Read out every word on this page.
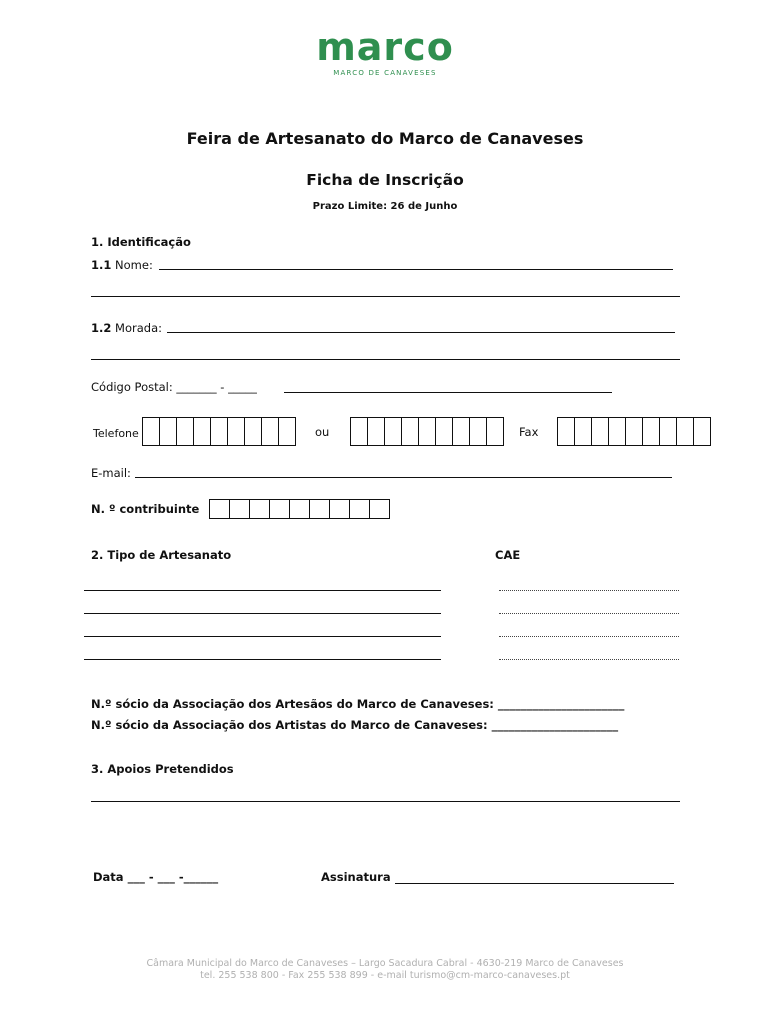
marco
MARCO DE CANAVESES
Feira de Artesanato do Marco de Canaveses
Ficha de Inscrição
Prazo Limite: 26 de Junho
1. Identificação
1.1 Nome:
1.2 Morada:
Código Postal: _______ - _____
Telefone	ou	Fax
E-mail:
N. º contribuinte
2. Tipo de Artesanato	CAE
N.º sócio da Associação dos Artesãos do Marco de Canaveses: ______________________
N.º sócio da Associação dos Artistas do Marco de Canaveses: ______________________
3. Apoios Pretendidos
Data ___ - ___ -______	Assinatura
Câmara Municipal do Marco de Canaveses – Largo Sacadura Cabral - 4630-219 Marco de Canaveses
tel. 255 538 800 - Fax 255 538 899 - e-mail turismo@cm-marco-canaveses.pt
